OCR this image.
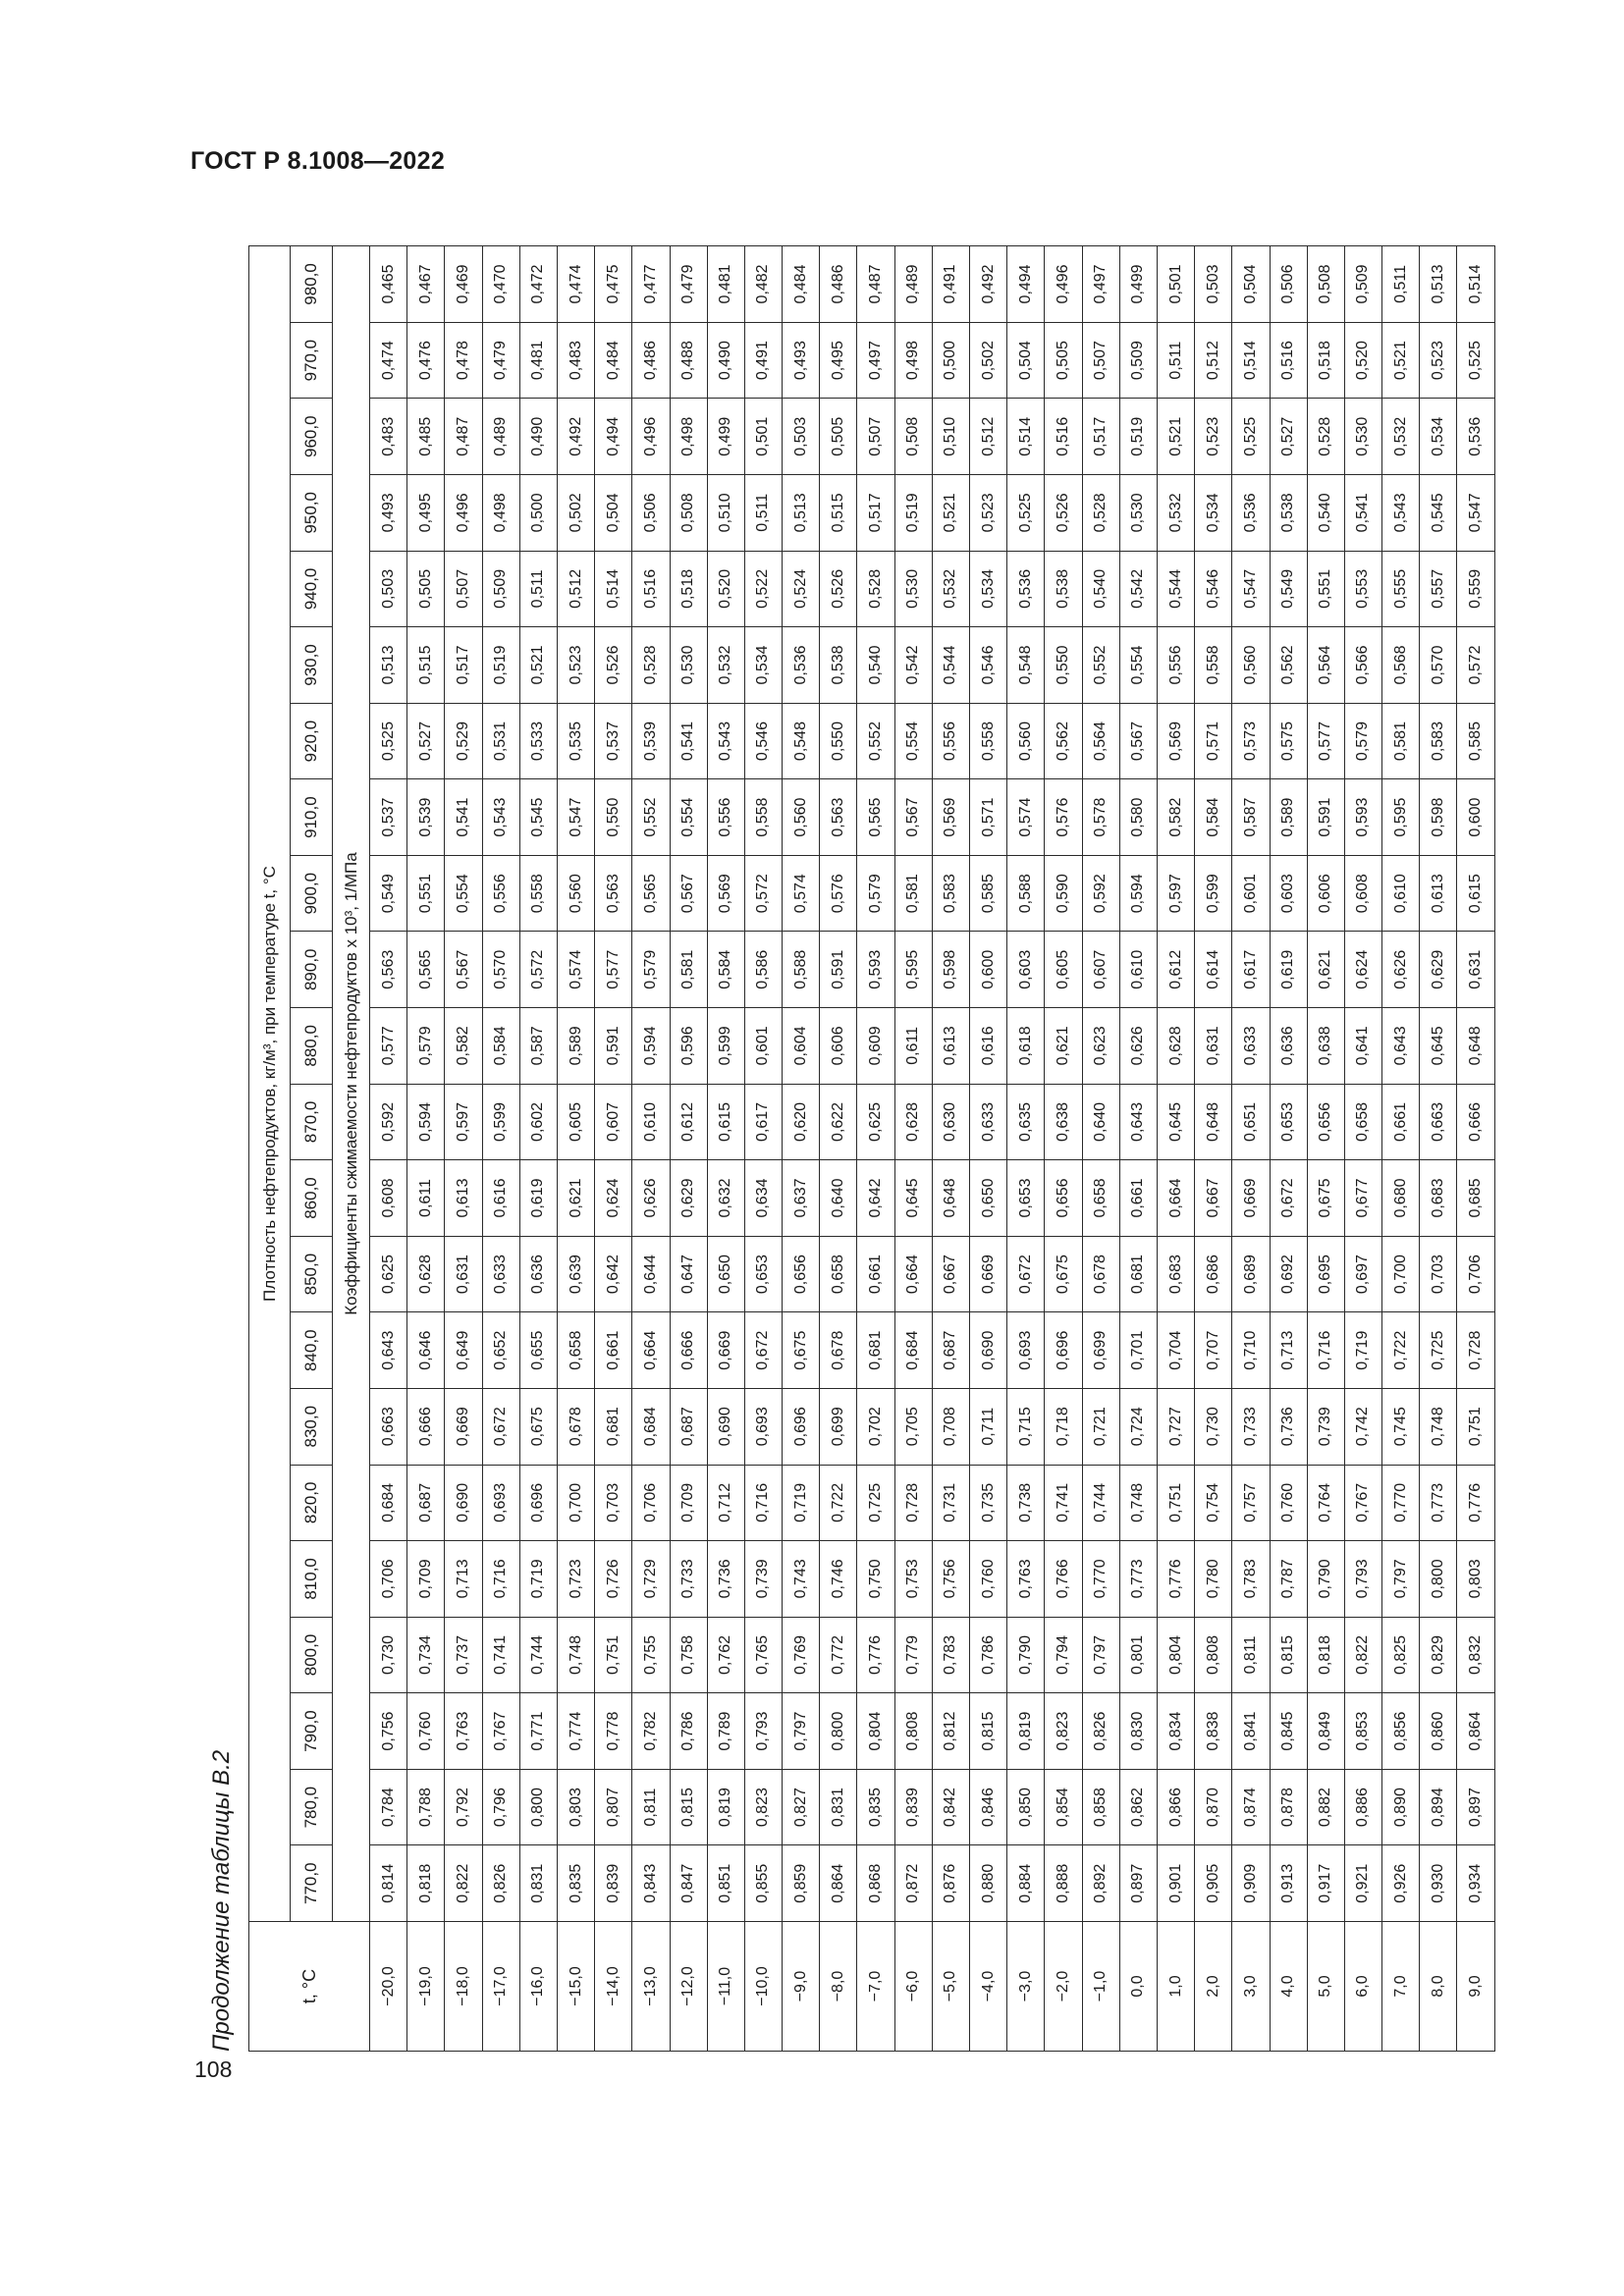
ГОСТ Р 8.1008—2022
108
Продолжение таблицы В.2	t, °C	Плотность нефтепродуктов, кг/м³, при температуре t, °C																					
	770,0	780,0	790,0	800,0	810,0	820,0	830,0	840,0	850,0	860,0	870,0	880,0	890,0	900,0	910,0	920,0	930,0	940,0	950,0	960,0	970,0	980,0
	Коэффициенты сжимаемости нефтепродуктов x 10³, 1/МПа																					
−20,0	0,814	0,784	0,756	0,730	0,706	0,684	0,663	0,643	0,625	0,608	0,592	0,577	0,563	0,549	0,537	0,525	0,513	0,503	0,493	0,483	0,474	0,465
−19,0	0,818	0,788	0,760	0,734	0,709	0,687	0,666	0,646	0,628	0,611	0,594	0,579	0,565	0,551	0,539	0,527	0,515	0,505	0,495	0,485	0,476	0,467
−18,0	0,822	0,792	0,763	0,737	0,713	0,690	0,669	0,649	0,631	0,613	0,597	0,582	0,567	0,554	0,541	0,529	0,517	0,507	0,496	0,487	0,478	0,469
−17,0	0,826	0,796	0,767	0,741	0,716	0,693	0,672	0,652	0,633	0,616	0,599	0,584	0,570	0,556	0,543	0,531	0,519	0,509	0,498	0,489	0,479	0,470
−16,0	0,831	0,800	0,771	0,744	0,719	0,696	0,675	0,655	0,636	0,619	0,602	0,587	0,572	0,558	0,545	0,533	0,521	0,511	0,500	0,490	0,481	0,472
−15,0	0,835	0,803	0,774	0,748	0,723	0,700	0,678	0,658	0,639	0,621	0,605	0,589	0,574	0,560	0,547	0,535	0,523	0,512	0,502	0,492	0,483	0,474
−14,0	0,839	0,807	0,778	0,751	0,726	0,703	0,681	0,661	0,642	0,624	0,607	0,591	0,577	0,563	0,550	0,537	0,526	0,514	0,504	0,494	0,484	0,475
−13,0	0,843	0,811	0,782	0,755	0,729	0,706	0,684	0,664	0,644	0,626	0,610	0,594	0,579	0,565	0,552	0,539	0,528	0,516	0,506	0,496	0,486	0,477
−12,0	0,847	0,815	0,786	0,758	0,733	0,709	0,687	0,666	0,647	0,629	0,612	0,596	0,581	0,567	0,554	0,541	0,530	0,518	0,508	0,498	0,488	0,479
−11,0	0,851	0,819	0,789	0,762	0,736	0,712	0,690	0,669	0,650	0,632	0,615	0,599	0,584	0,569	0,556	0,543	0,532	0,520	0,510	0,499	0,490	0,481
−10,0	0,855	0,823	0,793	0,765	0,739	0,716	0,693	0,672	0,653	0,634	0,617	0,601	0,586	0,572	0,558	0,546	0,534	0,522	0,511	0,501	0,491	0,482
−9,0	0,859	0,827	0,797	0,769	0,743	0,719	0,696	0,675	0,656	0,637	0,620	0,604	0,588	0,574	0,560	0,548	0,536	0,524	0,513	0,503	0,493	0,484
−8,0	0,864	0,831	0,800	0,772	0,746	0,722	0,699	0,678	0,658	0,640	0,622	0,606	0,591	0,576	0,563	0,550	0,538	0,526	0,515	0,505	0,495	0,486
−7,0	0,868	0,835	0,804	0,776	0,750	0,725	0,702	0,681	0,661	0,642	0,625	0,609	0,593	0,579	0,565	0,552	0,540	0,528	0,517	0,507	0,497	0,487
−6,0	0,872	0,839	0,808	0,779	0,753	0,728	0,705	0,684	0,664	0,645	0,628	0,611	0,595	0,581	0,567	0,554	0,542	0,530	0,519	0,508	0,498	0,489
−5,0	0,876	0,842	0,812	0,783	0,756	0,731	0,708	0,687	0,667	0,648	0,630	0,613	0,598	0,583	0,569	0,556	0,544	0,532	0,521	0,510	0,500	0,491
−4,0	0,880	0,846	0,815	0,786	0,760	0,735	0,711	0,690	0,669	0,650	0,633	0,616	0,600	0,585	0,571	0,558	0,546	0,534	0,523	0,512	0,502	0,492
−3,0	0,884	0,850	0,819	0,790	0,763	0,738	0,715	0,693	0,672	0,653	0,635	0,618	0,603	0,588	0,574	0,560	0,548	0,536	0,525	0,514	0,504	0,494
−2,0	0,888	0,854	0,823	0,794	0,766	0,741	0,718	0,696	0,675	0,656	0,638	0,621	0,605	0,590	0,576	0,562	0,550	0,538	0,526	0,516	0,505	0,496
−1,0	0,892	0,858	0,826	0,797	0,770	0,744	0,721	0,699	0,678	0,658	0,640	0,623	0,607	0,592	0,578	0,564	0,552	0,540	0,528	0,517	0,507	0,497
0,0	0,897	0,862	0,830	0,801	0,773	0,748	0,724	0,701	0,681	0,661	0,643	0,626	0,610	0,594	0,580	0,567	0,554	0,542	0,530	0,519	0,509	0,499
1,0	0,901	0,866	0,834	0,804	0,776	0,751	0,727	0,704	0,683	0,664	0,645	0,628	0,612	0,597	0,582	0,569	0,556	0,544	0,532	0,521	0,511	0,501
2,0	0,905	0,870	0,838	0,808	0,780	0,754	0,730	0,707	0,686	0,667	0,648	0,631	0,614	0,599	0,584	0,571	0,558	0,546	0,534	0,523	0,512	0,503
3,0	0,909	0,874	0,841	0,811	0,783	0,757	0,733	0,710	0,689	0,669	0,651	0,633	0,617	0,601	0,587	0,573	0,560	0,547	0,536	0,525	0,514	0,504
4,0	0,913	0,878	0,845	0,815	0,787	0,760	0,736	0,713	0,692	0,672	0,653	0,636	0,619	0,603	0,589	0,575	0,562	0,549	0,538	0,527	0,516	0,506
5,0	0,917	0,882	0,849	0,818	0,790	0,764	0,739	0,716	0,695	0,675	0,656	0,638	0,621	0,606	0,591	0,577	0,564	0,551	0,540	0,528	0,518	0,508
6,0	0,921	0,886	0,853	0,822	0,793	0,767	0,742	0,719	0,697	0,677	0,658	0,641	0,624	0,608	0,593	0,579	0,566	0,553	0,541	0,530	0,520	0,509
7,0	0,926	0,890	0,856	0,825	0,797	0,770	0,745	0,722	0,700	0,680	0,661	0,643	0,626	0,610	0,595	0,581	0,568	0,555	0,543	0,532	0,521	0,511
8,0	0,930	0,894	0,860	0,829	0,800	0,773	0,748	0,725	0,703	0,683	0,663	0,645	0,629	0,613	0,598	0,583	0,570	0,557	0,545	0,534	0,523	0,513
9,0	0,934	0,897	0,864	0,832	0,803	0,776	0,751	0,728	0,706	0,685	0,666	0,648	0,631	0,615	0,600	0,585	0,572	0,559	0,547	0,536	0,525	0,514
